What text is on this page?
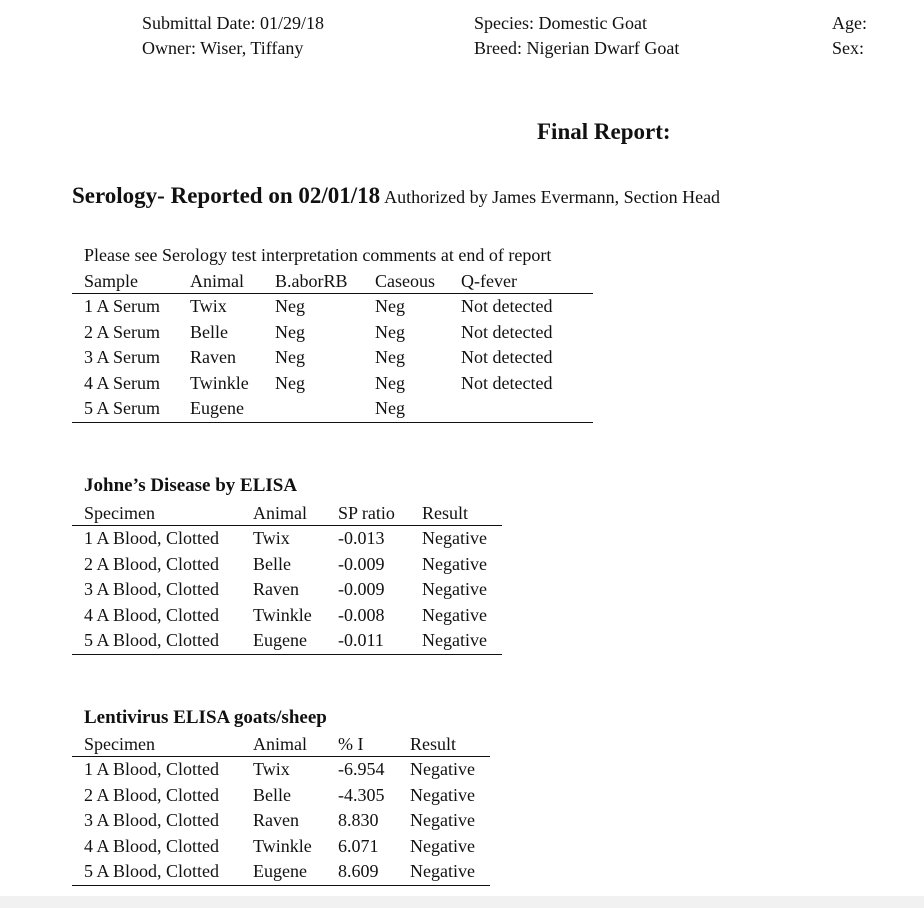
Submittal Date: 01/29/18
Owner: Wiser, Tiffany
Species: Domestic Goat
Breed: Nigerian Dwarf Goat
Age:
Sex:
Final Report:
Serology- Reported on 02/01/18 Authorized by James Evermann, Section Head
Please see Serology test interpretation comments at end of report
Sample	Animal	B.aborRB	Caseous	Q-fever
1 A Serum	Twix	Neg	Neg	Not detected
2 A Serum	Belle	Neg	Neg	Not detected
3 A Serum	Raven	Neg	Neg	Not detected
4 A Serum	Twinkle	Neg	Neg	Not detected
5 A Serum	Eugene		Neg	
Johne’s Disease by ELISA
Specimen	Animal	SP ratio	Result
1 A Blood, Clotted	Twix	-0.013	Negative
2 A Blood, Clotted	Belle	-0.009	Negative
3 A Blood, Clotted	Raven	-0.009	Negative
4 A Blood, Clotted	Twinkle	-0.008	Negative
5 A Blood, Clotted	Eugene	-0.011	Negative
Lentivirus ELISA goats/sheep
Specimen	Animal	% I	Result
1 A Blood, Clotted	Twix	-6.954	Negative
2 A Blood, Clotted	Belle	-4.305	Negative
3 A Blood, Clotted	Raven	8.830	Negative
4 A Blood, Clotted	Twinkle	6.071	Negative
5 A Blood, Clotted	Eugene	8.609	Negative
